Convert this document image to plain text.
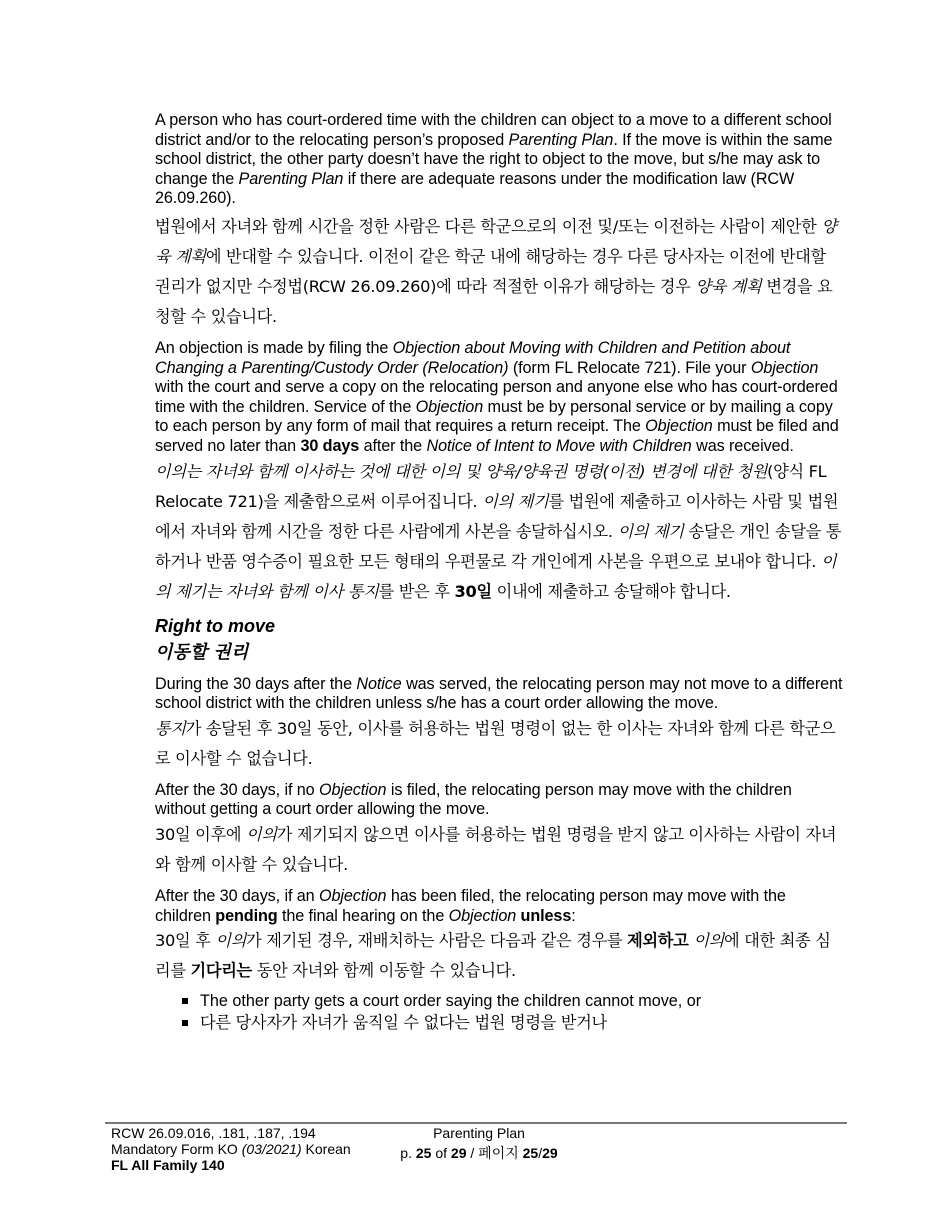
A person who has court-ordered time with the children can object to a move to a different school district and/or to the relocating person’s proposed Parenting Plan. If the move is within the same school district, the other party doesn’t have the right to object to the move, but s/he may ask to change the Parenting Plan if there are adequate reasons under the modification law (RCW 26.09.260).

법원에서 자녀와 함께 시간을 정한 사람은 다른 학군으로의 이전 및/또는 이전하는 사람이 제안한 양육 계획에 반대할 수 있습니다. 이전이 같은 학군 내에 해당하는 경우 다른 당사자는 이전에 반대할 권리가 없지만 수정법(RCW 26.09.260)에 따라 적절한 이유가 해당하는 경우 양육 계획 변경을 요청할 수 있습니다.

An objection is made by filing the Objection about Moving with Children and Petition about Changing a Parenting/Custody Order (Relocation) (form FL Relocate 721). File your Objection with the court and serve a copy on the relocating person and anyone else who has court-ordered time with the children. Service of the Objection must be by personal service or by mailing a copy to each person by any form of mail that requires a return receipt. The Objection must be filed and served no later than 30 days after the Notice of Intent to Move with Children was received.

이의는 자녀와 함께 이사하는 것에 대한 이의 및 양육/양육권 명령(이전) 변경에 대한 청원(양식 FL Relocate 721)을 제출함으로써 이루어집니다. 이의 제기를 법원에 제출하고 이사하는 사람 및 법원에서 자녀와 함께 시간을 정한 다른 사람에게 사본을 송달하십시오. 이의 제기 송달은 개인 송달을 통하거나 반품 영수증이 필요한 모든 형태의 우편물로 각 개인에게 사본을 우편으로 보내야 합니다. 이의 제기는 자녀와 함께 이사 통지를 받은 후 30일 이내에 제출하고 송달해야 합니다.

Right to move
이동할 권리

During the 30 days after the Notice was served, the relocating person may not move to a different school district with the children unless s/he has a court order allowing the move.

통지가 송달된 후 30일 동안, 이사를 허용하는 법원 명령이 없는 한 이사는 자녀와 함께 다른 학군으로 이사할 수 없습니다.

After the 30 days, if no Objection is filed, the relocating person may move with the children without getting a court order allowing the move.

30일 이후에 이의가 제기되지 않으면 이사를 허용하는 법원 명령을 받지 않고 이사하는 사람이 자녀와 함께 이사할 수 있습니다.

After the 30 days, if an Objection has been filed, the relocating person may move with the children pending the final hearing on the Objection unless:

30일 후 이의가 제기된 경우, 재배치하는 사람은 다음과 같은 경우를 제외하고 이의에 대한 최종 심리를 기다리는 동안 자녀와 함께 이동할 수 있습니다.

The other party gets a court order saying the children cannot move, or
다른 당사자가 자녀가 움직일 수 없다는 법원 명령을 받거나
RCW 26.09.016, .181, .187, .194
Mandatory Form KO (03/2021) Korean
FL All Family 140
Parenting Plan
p. 25 of 29 / 페이지 25/29
